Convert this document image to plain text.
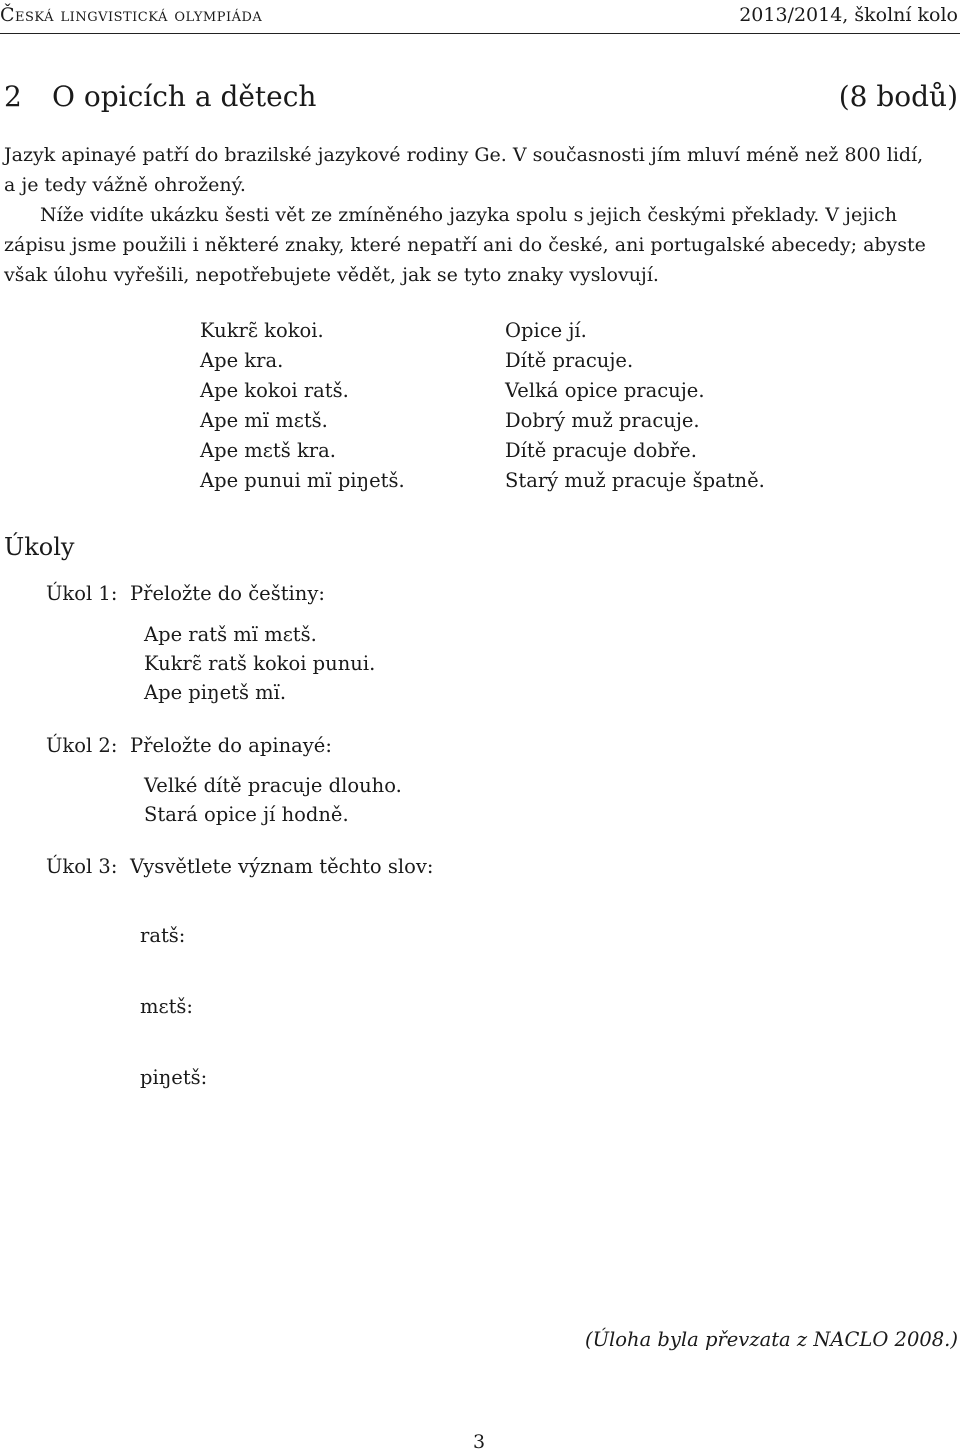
Česká lingvistická olympiáda	2013/2014, školní kolo
2 O opicích a dětech	(8 bodů)
Jazyk apinayé patří do brazilské jazykové rodiny Ge. V současnosti jím mluví méně než 800 lidí,
a je tedy vážně ohrožený.
Níže vidíte ukázku šesti vět ze zmíněného jazyka spolu s jejich českými překlady. V jejich
zápisu jsme použili i některé znaky, které nepatří ani do české, ani portugalské abecedy; abyste
však úlohu vyřešili, nepotřebujete vědět, jak se tyto znaky vyslovují.
Kukrɛ̃ kokoi.
Ape kra.
Ape kokoi ratš.
Ape mï mɛtš.
Ape mɛtš kra.
Ape punui mï piŋetš.
Opice jí.
Dítě pracuje.
Velká opice pracuje.
Dobrý muž pracuje.
Dítě pracuje dobře.
Starý muž pracuje špatně.
Úkoly
Úkol 1: Přeložte do češtiny:
Ape ratš mï mɛtš.
Kukrɛ̃ ratš kokoi punui.
Ape piŋetš mï.
Úkol 2: Přeložte do apinayé:
Velké dítě pracuje dlouho.
Stará opice jí hodně.
Úkol 3: Vysvětlete význam těchto slov:
ratš:
mɛtš:
piŋetš:
(Úloha byla převzata z NACLO 2008.)
3
